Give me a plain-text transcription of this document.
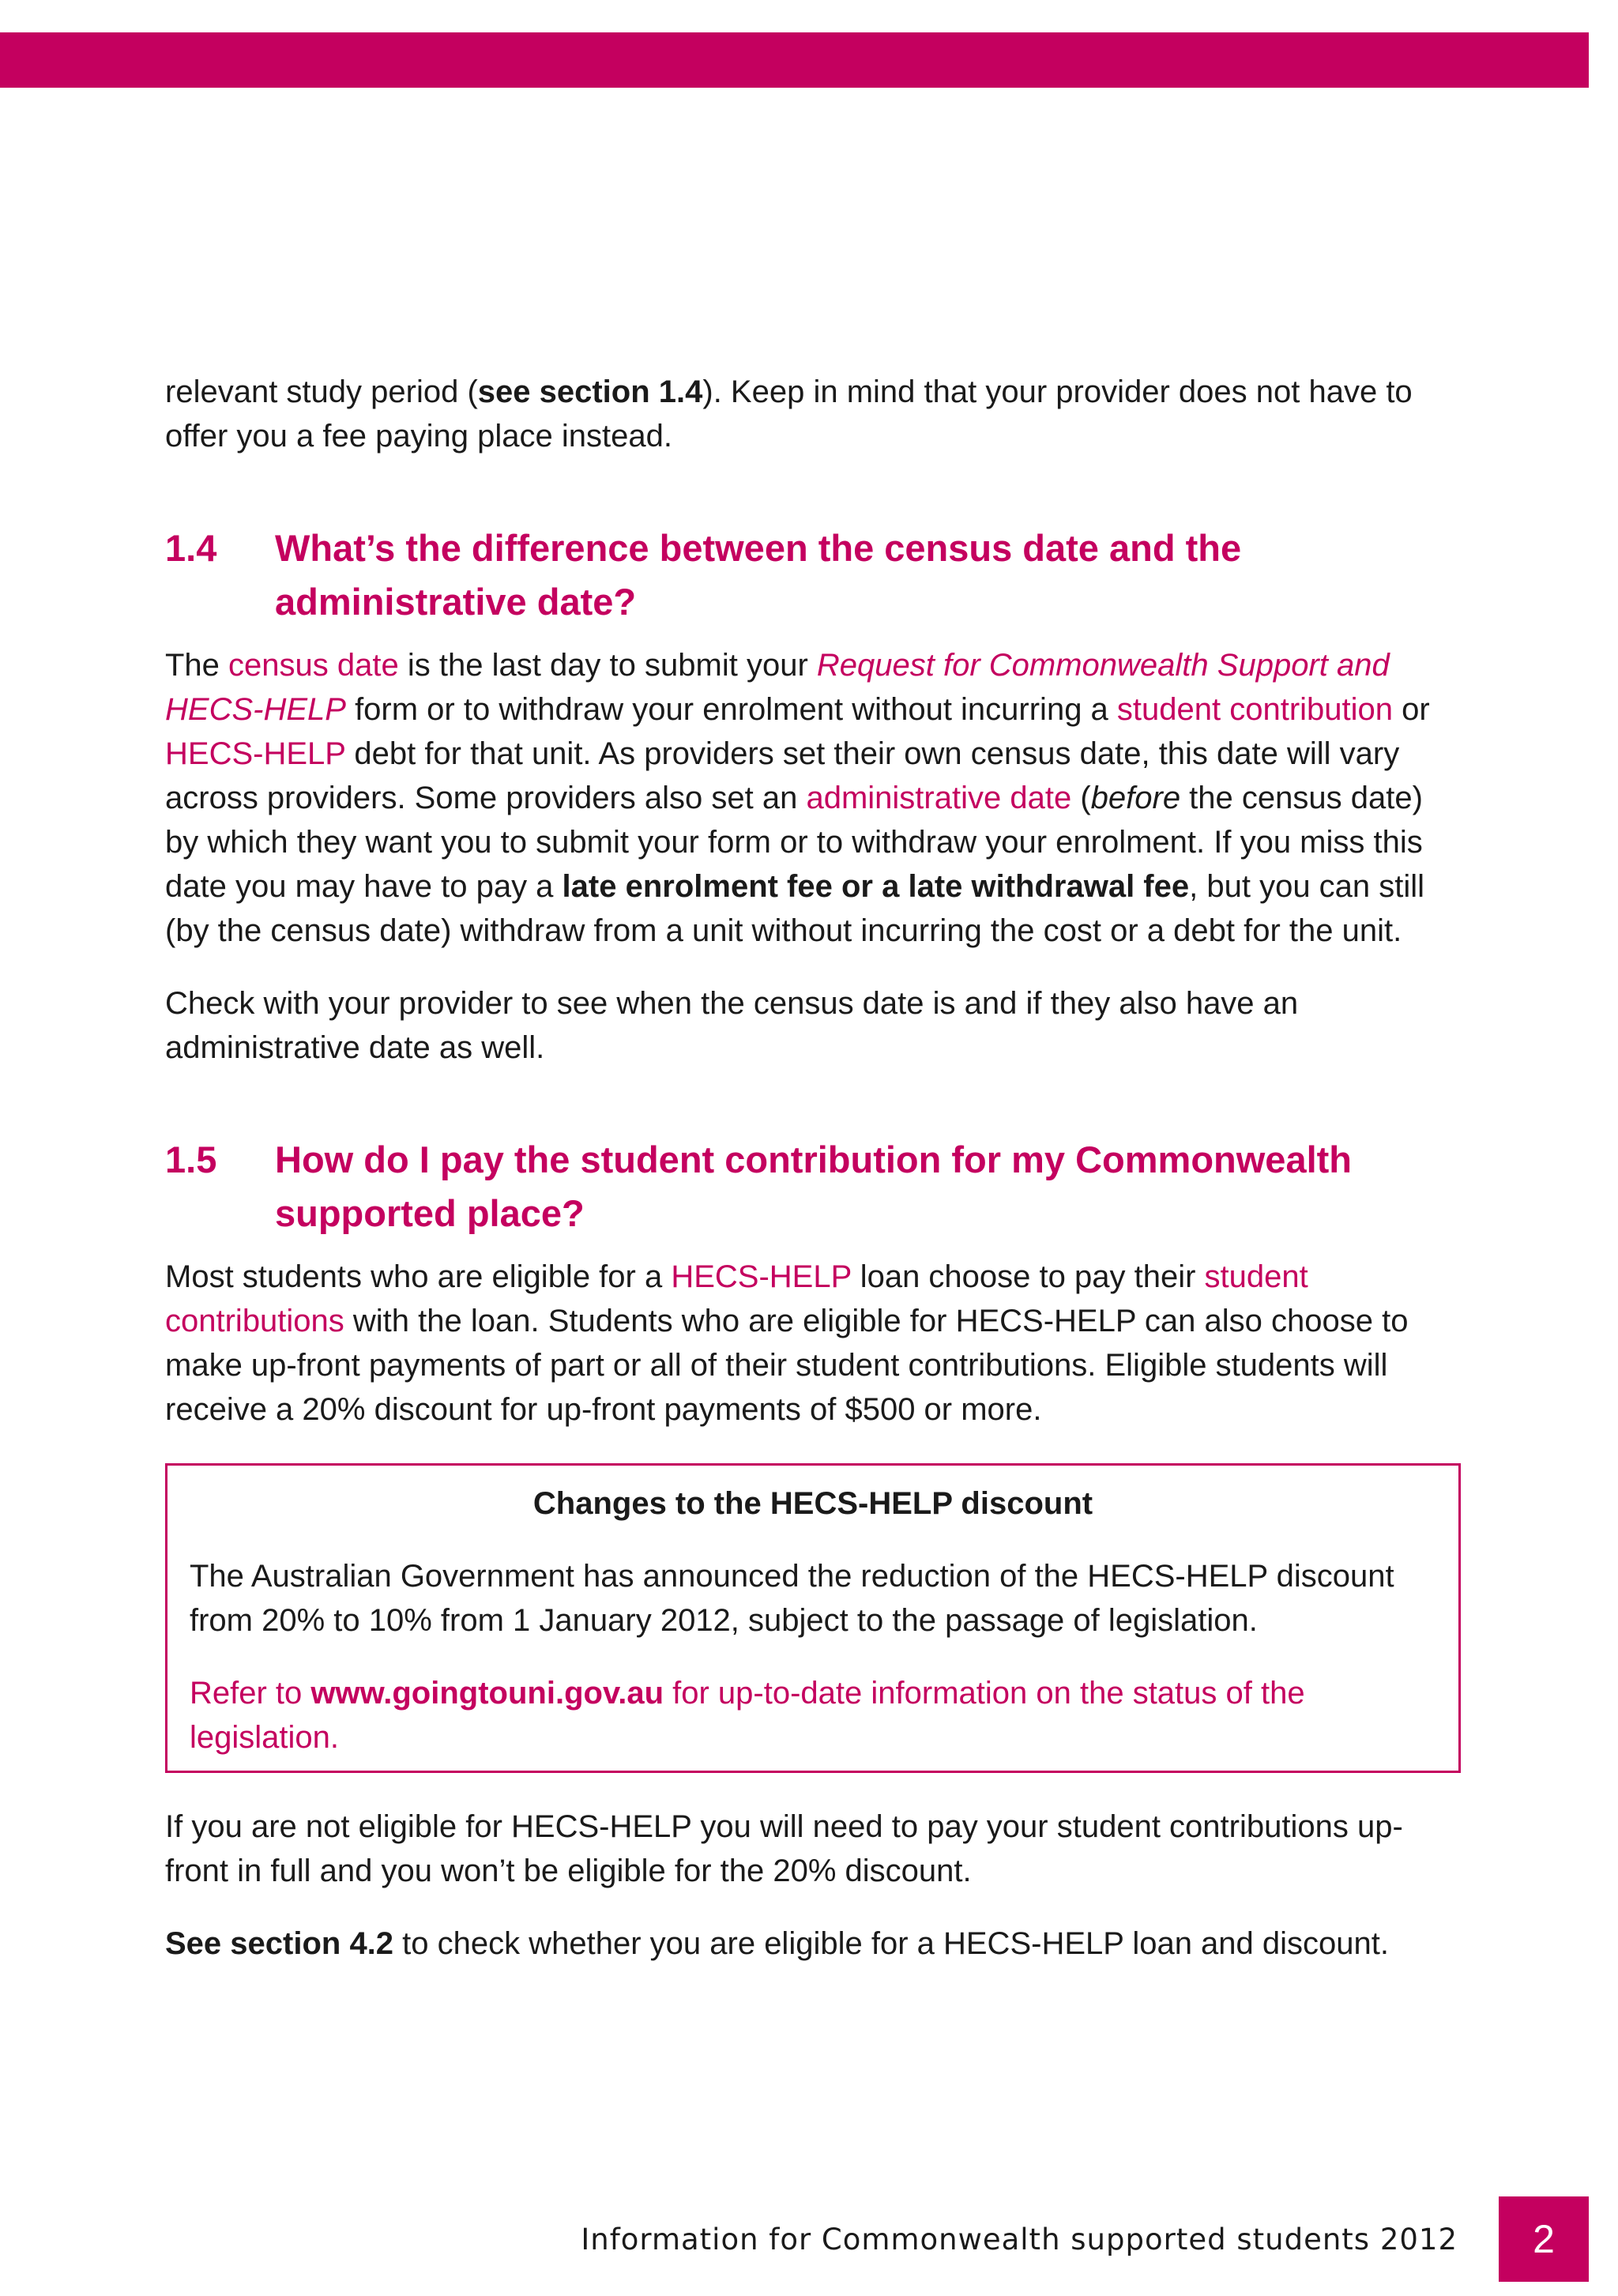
relevant study period (see section 1.4). Keep in mind that your provider does not have to offer you a fee paying place instead.

1.4	What’s the difference between the census date and the administrative date?

The census date is the last day to submit your Request for Commonwealth Support and HECS-HELP form or to withdraw your enrolment without incurring a student contribution or HECS-HELP debt for that unit. As providers set their own census date, this date will vary across providers. Some providers also set an administrative date (before the census date) by which they want you to submit your form or to withdraw your enrolment. If you miss this date you may have to pay a late enrolment fee or a late withdrawal fee, but you can still (by the census date) withdraw from a unit without incurring the cost or a debt for the unit.

Check with your provider to see when the census date is and if they also have an administrative date as well.

1.5	How do I pay the student contribution for my Commonwealth supported place?

Most students who are eligible for a HECS-HELP loan choose to pay their student contributions with the loan. Students who are eligible for HECS-HELP can also choose to make up-front payments of part or all of their student contributions. Eligible students will receive a 20% discount for up-front payments of $500 or more.

Changes to the HECS-HELP discount

The Australian Government has announced the reduction of the HECS-HELP discount from 20% to 10% from 1 January 2012, subject to the passage of legislation.

Refer to www.goingtouni.gov.au for up-to-date information on the status of the legislation.

If you are not eligible for HECS-HELP you will need to pay your student contributions up-front in full and you won’t be eligible for the 20% discount.

See section 4.2 to check whether you are eligible for a HECS-HELP loan and discount.

Information for Commonwealth supported students 2012	2
